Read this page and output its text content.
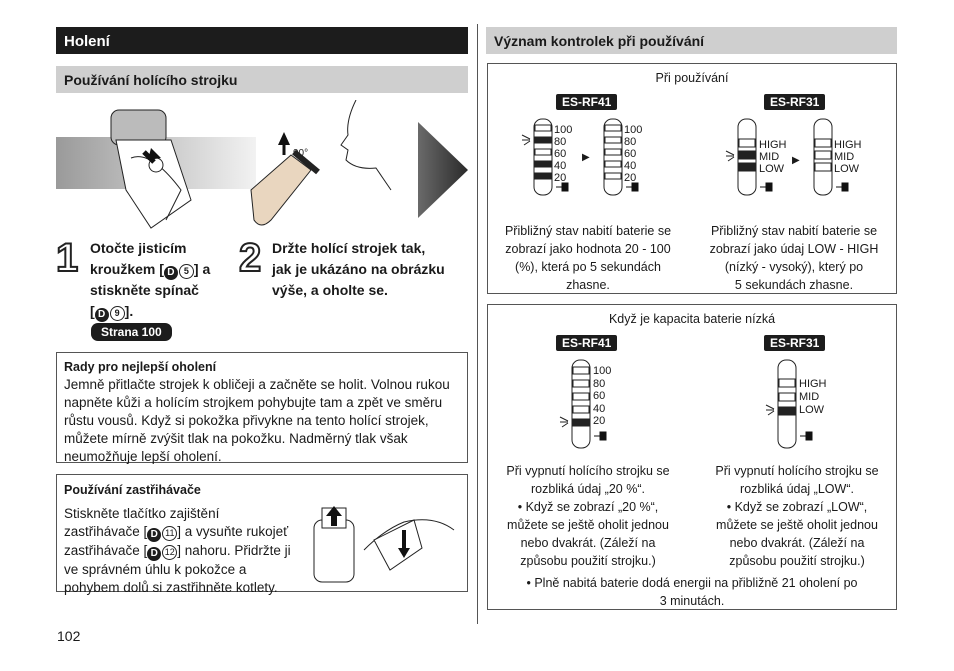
Holení
Používání holícího strojku
90°
1 Otočte jisticím
kroužkem [ D 5 ] a
stiskněte spínač
[ D 9 ].
Strana 100
2 Držte holící strojek tak,
jak je ukázáno na obrázku
výše, a oholte se.
Rady pro nejlepší oholení
Jemně přitlačte strojek k obličeji a začněte se holit. Volnou rukou
napněte kůži a holícím strojkem pohybujte tam a zpět ve směru
růstu vousů. Když si pokožka přivykne na tento holící strojek,
můžete mírně zvýšit tlak na pokožku. Nadměrný tlak však
neumožňuje lepší oholení.
Používání zastřihávače
Stiskněte tlačítko zajištění
zastřihávače [ D 11 ] a vysuňte rukojeť
zastřihávače [ D 12 ] nahoru. Přidržte ji
ve správném úhlu k pokožce a
pohybem dolů si zastřihněte kotlety.
102
Význam kontrolek při používání
Při používání
ES-RF41	ES-RF31
100
80
60
40
20
▶
100
80
60
40
20
HIGH
MID
LOW
▶
HIGH
MID
LOW
Přibližný stav nabití baterie se
zobrazí jako hodnota 20 - 100
(%), která po 5 sekundách
zhasne.
Přibližný stav nabití baterie se
zobrazí jako údaj LOW - HIGH
(nízký - vysoký), který po
5 sekundách zhasne.
Když je kapacita baterie nízká
ES-RF41	ES-RF31
100
80
60
40
20
HIGH
MID
LOW
Při vypnutí holícího strojku se
rozbliká údaj „20 %“.
• Když se zobrazí „20 %“,
můžete se ještě oholit jednou
nebo dvakrát. (Záleží na
způsobu použití strojku.)
Při vypnutí holícího strojku se
rozbliká údaj „LOW“.
• Když se zobrazí „LOW“,
můžete se ještě oholit jednou
nebo dvakrát. (Záleží na
způsobu použití strojku.)
• Plně nabitá baterie dodá energii na přibližně 21 oholení po
3 minutách.
